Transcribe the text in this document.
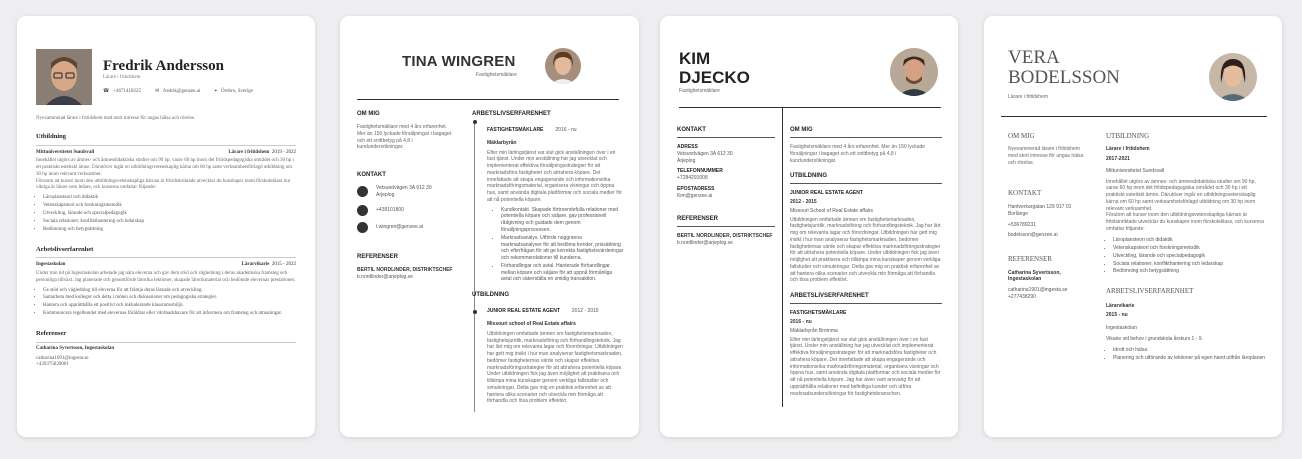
Fredrik Andersson
Lärare i fritidshem
☎ +4671418225	✉ fredrik@genzee.ai	⌖ Örebro, Sverige
Nyexaminerad lärare i fritidshem med stort intresse för ungas hälsa och rörelse.
Utbildning
Mittuniversitetet Sundsvall	Lärare i fritidshem 2019 - 2022
Innehållet utgörs av ämnes- och ämnesdidaktiska studier om 90 hp, varav 60 hp inom det fritidspedagogiska området och 30 hp i ett praktiskt estetiskt ämne. Därutöver ingår en utbildningsvetenskaplig kärna om 60 hp samt verksamhetsförlagd utbildning om 30 hp inom relevant verksamhet.
Förutom att kurser inom den utbildningsvetenskapliga kärnan är fritidsinriktade utvecklar du kunskaper inom förskoleklass hur viktiga är lärare som ledare, och kurserna omfattar följande:
• Läroplansteori och didaktik
• Vetenskapsteori och forskningsmetodik
• Utveckling, lärande och specialpedagogik
• Sociala relationer, konflikthantering och ledarskap
• Bedömning och betygsättning
Arbetslivserfarenhet
Ingestaskolan	Lärarvikarie 2015 - 2022
Under min tid på Ingestaskolan arbetade jag nära eleverna och gav dem stöd och vägledning i deras akademiska framsteg och personliga tillväxt. Jag planerade och genomförde lärorika lektioner, skapade lärorikmaterial och bedömde elevernas prestationer.
• Ge stöd och vägledning till eleverna för att främja deras lärande och utveckling.
• Samarbeta med kollegor och delta i möten och diskussioner om pedagogiska strategier.
• Hantera och upprätthålla ett positivt och inkluderande klassrumsmiljö.
• Kommunicera regelbundet med elevernas föräldrar eller vårdnadshavare för att informera om framsteg och utmaningar.
Referenser
Catharina Syvertsson, Ingestaskolan
catharina1091@ingesta.se
+439375839001
TINA WINGREN
Fastighetsmäklare
OM MIG
Fastighetsmäklare med 4 års erfarenhet. Mer än 150 lyckade försäljningar i bagaget och ett snittbetyg på 4,8 i kundundersökningar.
KONTAKT
Vetsundvägen 3A 612 30 Arjeplog
+439101800
t.wingren@genzee.ai
REFERENSER
BERTIL NORDLINDER, DISTRIKTSCHEF
b.nordlinder@arjeplog.se
ARBETSLIVSERFARENHET
FASTIGHETSMÄKLARE 2016 - nu
Mäklarbyrån
Efter min lärlingstjänst var slut gick anställningen över i en fast tjänst. Under min anställning har jag utvecklat och implementerat effektiva försäljningsstrategier för att marknadsföra fastigheter och attrahera köpare. Det innefattade att skapa engagerande och informationsrika marknadsföringsmaterial, organisera visningar och öppna hus, samt använda digitala plattformar och sociala medier för att nå potentiella köpare.
• Kundkontakt. Skapade förtroendefulla relationer med potentiella köpare och säljare, gav professionell rådgivning och guidade dem genom försäljningsprocessen.
• Marknadsanalys. Utförde noggranna marknadsanalyser för att bedöma trender, prissättning och efterfrågan för att ge korrekta fastighetsvärderingar och rekommendationer till kunderna.
• Förhandlingar och avtal. Hanterade förhandlingar mellan köpare och säljare för att uppnå förmånliga avtal och säkerställa en smidig transaktion.
UTBILDNING
JUNIOR REAL ESTATE AGENT 2012 - 2015
Missouri school of Real Estate affairs
Utbildningen omfattade ämnen om fastighetsmarknaden, fastighetsjuridik, marknadsföring och förhandlingsteknik. Jag har lärt mig om relevanta lagar och förordningar. Utbildningen har gett mig insikt i hur man analyserar fastighetsmarknaden, bedömer fastigheternas värde och skapar effektiva marknadsföringsstrategier för att attrahera potentiella köpare.
Under utbildningen fick jag även möjlighet att praktisera och tillämpa mina kunskaper genom verkliga fallstudier och simuleringar. Detta gav mig en praktisk erfarenhet av att hantera olika scenarier och utveckla min förmåga att förhandla och lösa problem effektivt.
KIM
DJECKO
Fastighetsmäklare
KONTAKT
ADRESS
Vetsundvägen 3A 612 30 Arjeplog
TELEFONNUMMER
+7284291008
EPOSTADRESS
Kim@genzee.ai
REFERENSER
BERTIL NORDLINDER, DISTRIKTSCHEF
b.nordlinder@arjeplog.se
OM MIG
Fastighetsmäklare med 4 års erfarenhet. Mer än 150 lyckade försäljningar i bagaget och ett snittbetyg på 4,8 i kundundersökningar.
UTBILDNING
JUNIOR REAL ESTATE AGENT
2012 - 2015
Missouri School of Real Estate affairs
Utbildningen omfattade ämnen om fastighetsmarknaden, fastighetsjuridik, marknadsföring och förhandlingsteknik. Jag har lärt mig om relevanta lagar och förordningar. Utbildningen har gett mig insikt i hur man analyserar fastighetsmarknaden, bedömer fastigheternas värde och skapar effektiva marknadsföringsstrategier för att attrahera potentiella köpare. Under utbildningen fick jag även möjlighet att praktisera och tillämpa mina kunskaper genom verkliga fallstudier och simuleringar. Detta gav mig en praktisk erfarenhet av att hantera olika scenarier och utveckla min förmåga att förhandla och lösa problem effektivt.
ARBETSLIVSERFARENHET
FASTIGHETSMÄKLARE
2016 - nu
Mäklarbyrån Bromma
Efter min lärlingstjänst var slut gick anställningen över i en fast tjänst. Under min anställning har jag utvecklat och implementerat effektiva försäljningsstrategier för att marknadsföra fastigheter och attrahera köpare. Det innefattade att skapa engagerande och informationsrika marknadsföringsmaterial, organisera visningar och öppna hus, samt använda digitala plattformar och sociala medier för att nå potentiella köpare. Jag har även varit ansvarig för att upprätthålla relationer med befintliga kunder och utföra marknadsundersökningar för fastighetsbranschen.
VERA
BODELSSON
Lärare i fritidshem
OM MIG
Nyexaminerad lärare i fritidshem med stort intresse för ungas hälsa och rörelse.
KONTAKT
Hantverkargatan 129 917 01 Borlänge
+536789231
bodelsson@genzee.ai
REFERENSER
Catharina Syvertsson, Ingestaskolan
catharina1901@ingesta.se
+277438290
UTBILDNING
Lärare i fritidshem
2017-2021
Mittuniversitetet Sundsvall
Innehållet utgörs av ämnes- och ämnesdidaktiska studier om 90 hp, varav 60 hp inom det fritidspedagogiska området och 30 hp i ett praktiskt estetiskt ämne. Därutöver ingår en utbildningsvetenskaplig kärna om 60 hp samt verksamhetsförlagd utbildning om 30 hp inom relevant verksamhet.
Förutom att kurser inom den utbildningsvetenskapliga kärnan är fritidsinriktade utvecklar du kunskaper inom förskoleklass, och kurserna omfattar följande:
• Läroplansteori och didaktik
• Vetenskapsteori och forskningsmetodik
• Utveckling, lärande och specialpedagogik
• Sociala relationer, konflikthantering och ledarskap
• Bedömning och betygsättning
ARBETSLIVSERFARENHET
Lärarvikarie
2015 - nu
Ingestaskolan
Vikarie vid behov i grundskola årskurs 1 - 9.
• Idrott och hälsa
• Planering och utförande av lektioner på egen hand utifrån läroplanen
